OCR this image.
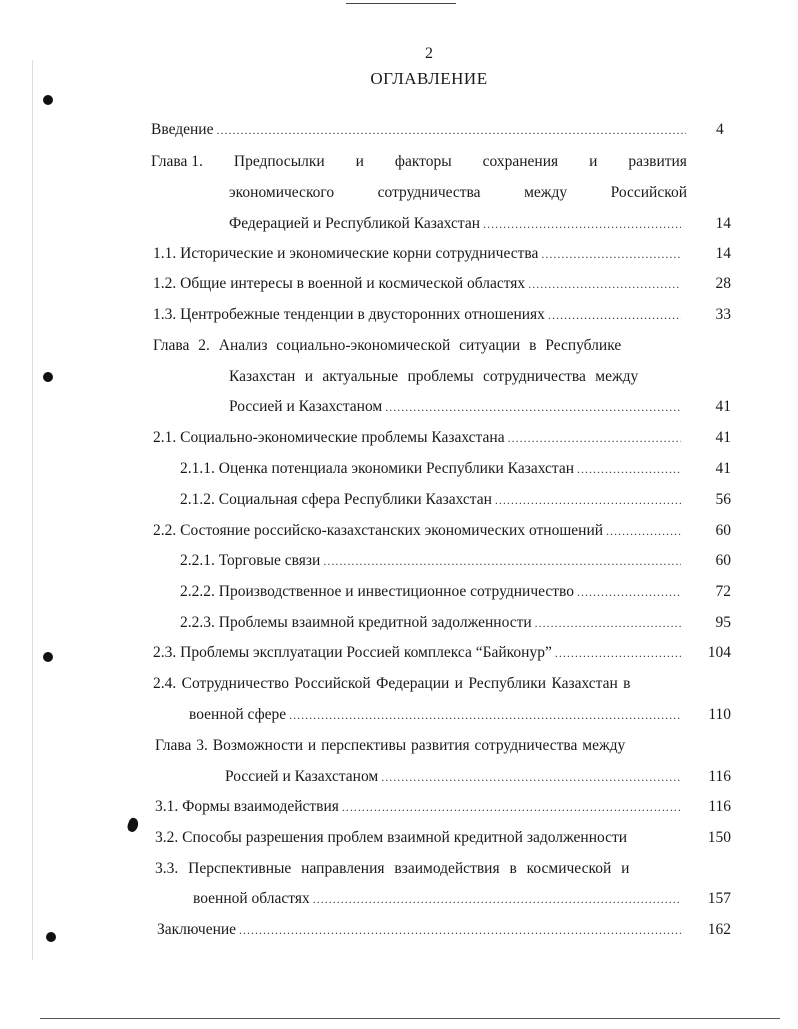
2
ОГЛАВЛЕНИЕ
Введение .....	4
Глава 1. Предпосылки и факторы сохранения и развития
экономического	сотрудничества	между	Российской
Федерацией и Республикой Казахстан .....	14
1.1. Исторические и экономические корни сотрудничества .....	14
1.2. Общие интересы в военной и космической областях .....	28
1.3. Центробежные тенденции в двусторонних отношениях .....	33
Глава 2. Анализ социально-экономической ситуации в Республике
Казахстан и актуальные проблемы сотрудничества между
Россией и Казахстаном .....	41
2.1. Социально-экономические проблемы Казахстана .....	41
2.1.1. Оценка потенциала экономики Республики Казахстан .....	41
2.1.2. Социальная сфера Республики Казахстан .....	56
2.2. Состояние российско-казахстанских экономических отношений .....	60
2.2.1. Торговые связи .....	60
2.2.2. Производственное и инвестиционное сотрудничество .....	72
2.2.3. Проблемы взаимной кредитной задолженности .....	95
2.3. Проблемы эксплуатации Россией комплекса “Байконур” .....	104
2.4. Сотрудничество Российской Федерации и Республики Казахстан в
военной сфере .....	110
Глава 3. Возможности и перспективы развития сотрудничества между
Россией и Казахстаном .....	116
3.1. Формы взаимодействия .....	116
3.2. Способы разрешения проблем взаимной кредитной задолженности	150
3.3. Перспективные направления взаимодействия в космической и
военной областях .....	157
Заключение .....	162
